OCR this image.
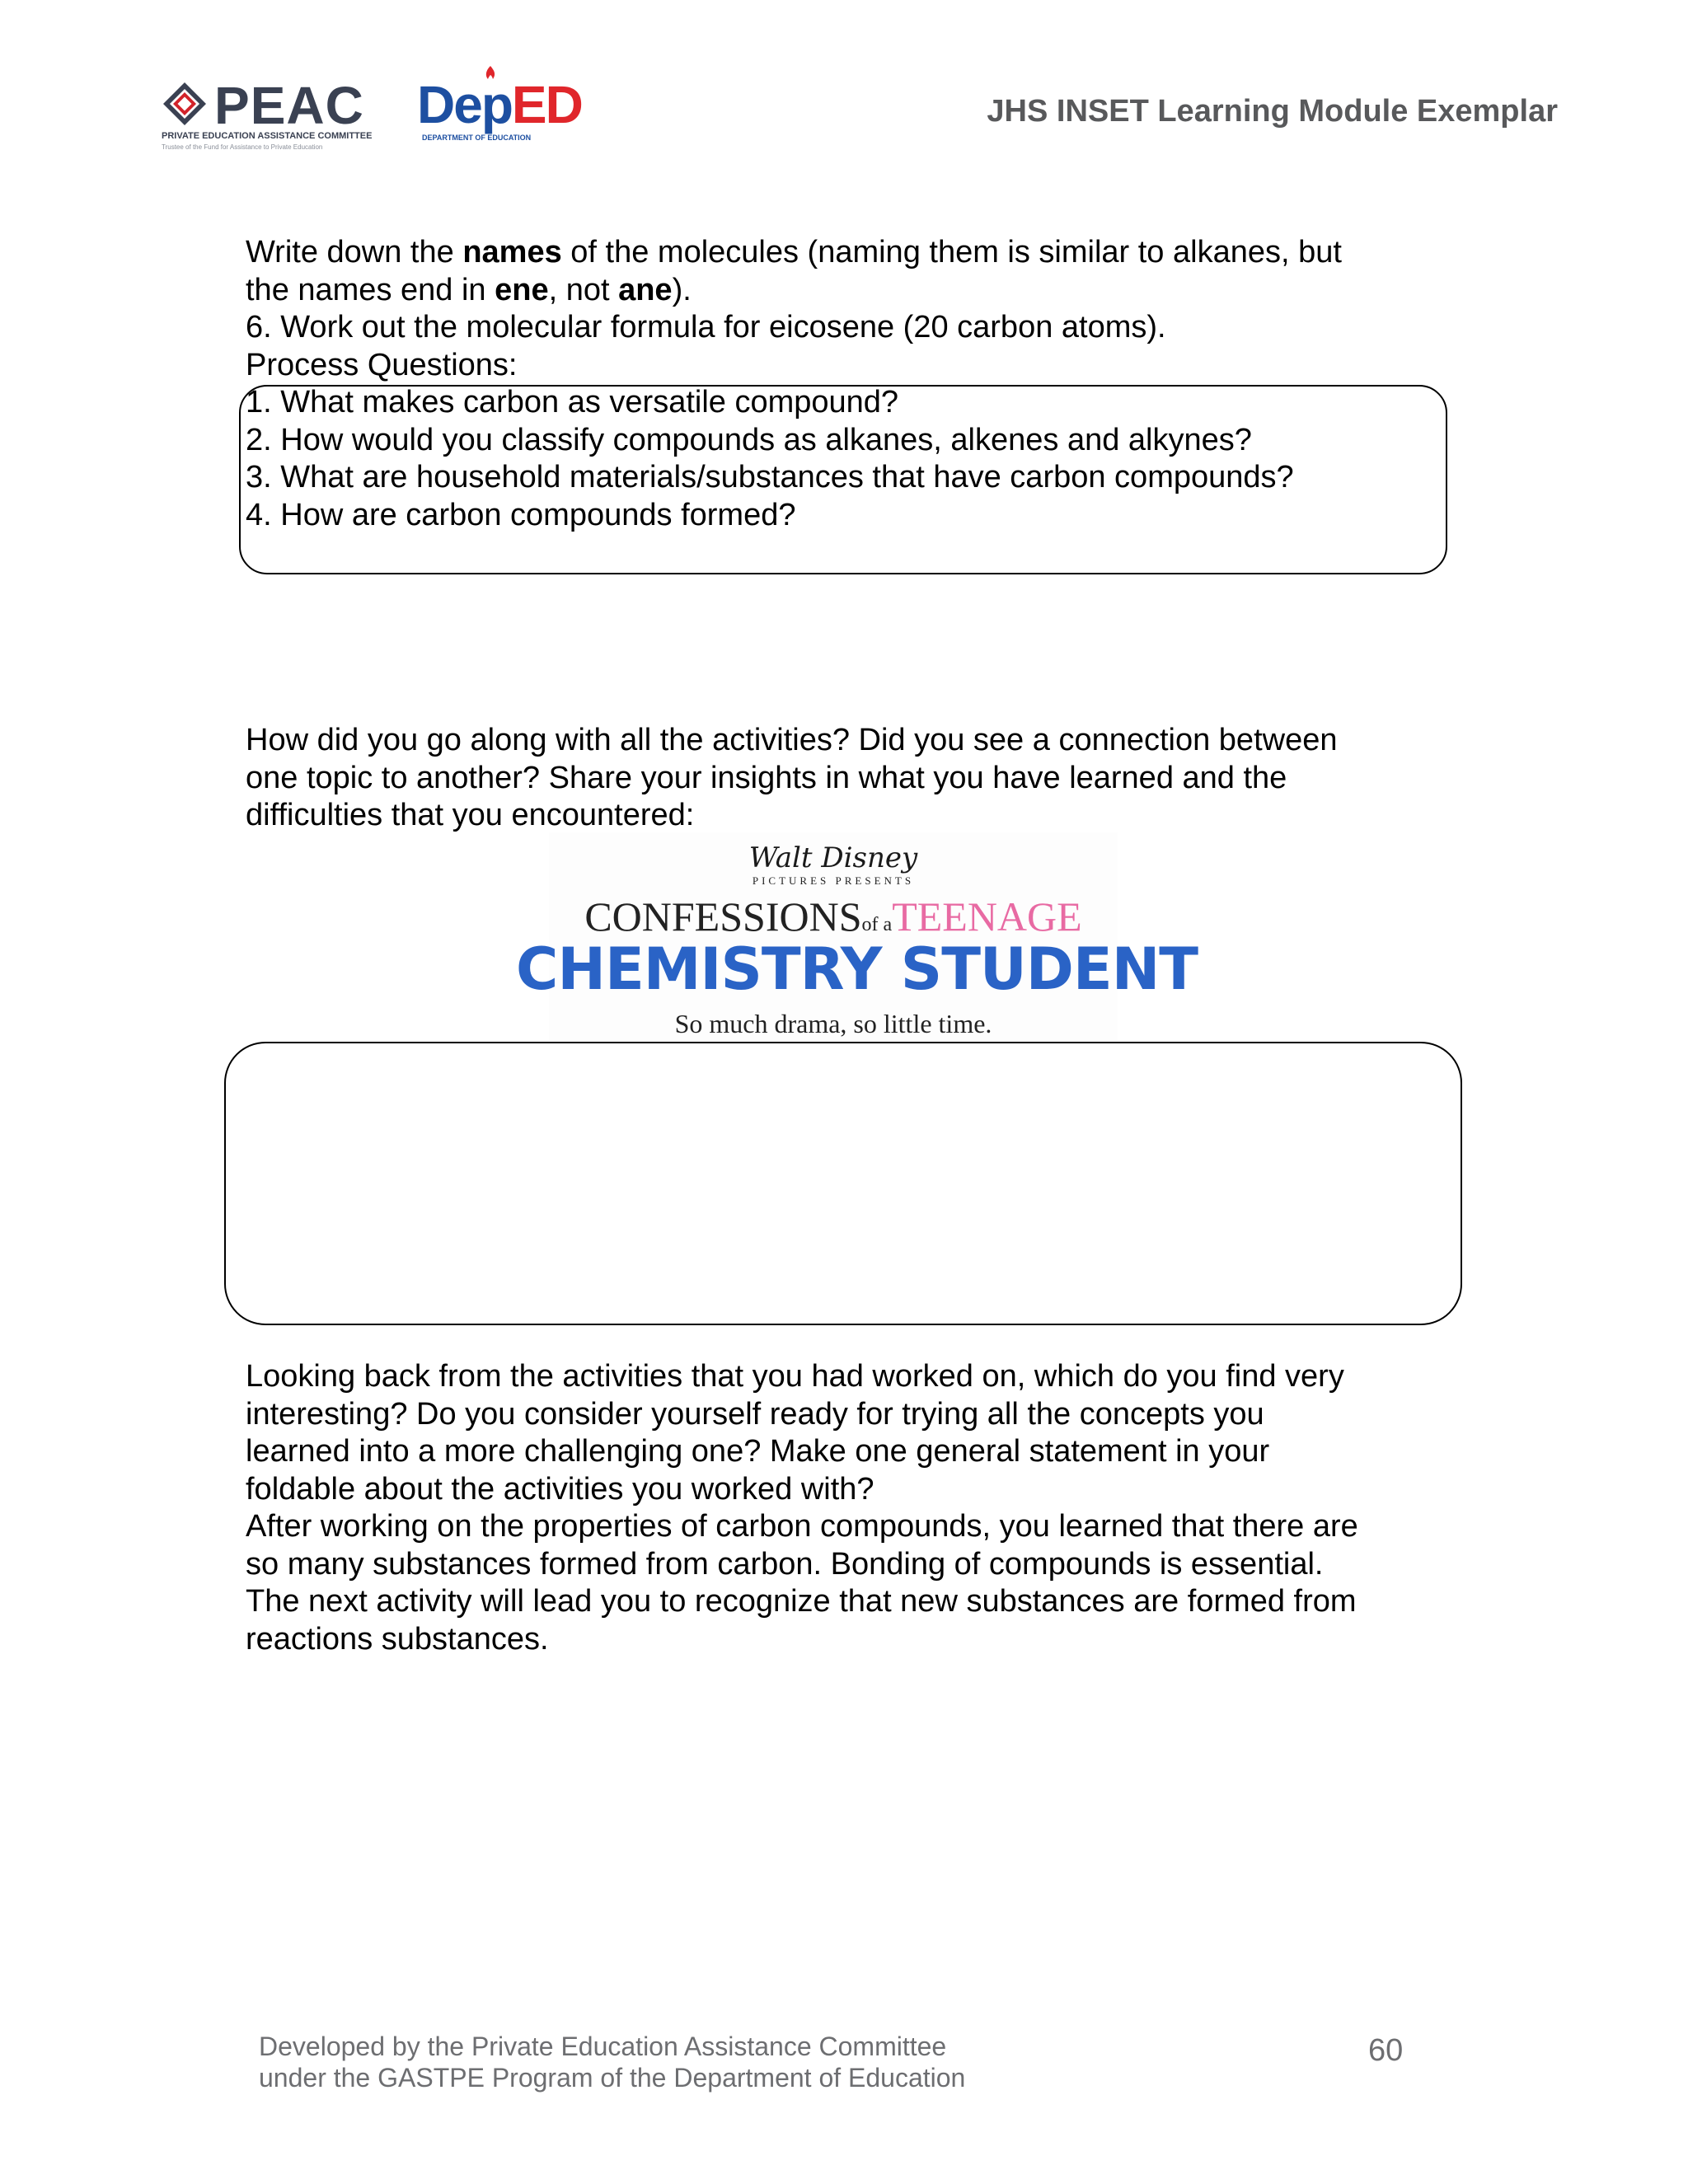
PEAC
PRIVATE EDUCATION ASSISTANCE COMMITTEE
Trustee of the Fund for Assistance to Private Education
DepED
DEPARTMENT OF EDUCATION
JHS INSET Learning Module Exemplar
Write down the names of the molecules (naming them is similar to alkanes, but
the names end in ene, not ane).
6. Work out the molecular formula for eicosene (20 carbon atoms).
Process Questions:
1. What makes carbon as versatile compound?
2. How would you classify compounds as alkanes, alkenes and alkynes?
3. What are household materials/substances that have carbon compounds?
4. How are carbon compounds formed?
How did you go along with all the activities? Did you see a connection between
one topic to another? Share your insights in what you have learned and the
difficulties that you encountered:
Walt Disney
PICTURES PRESENTS
CONFESSIONSof aTEENAGE
CHEMISTRY STUDENT
So much drama, so little time.
Looking back from the activities that you had worked on, which do you find very
interesting? Do you consider yourself ready for trying all the concepts you
learned into a more challenging one? Make one general statement in your
foldable about the activities you worked with?
After working on the properties of carbon compounds, you learned that there are
so many substances formed from carbon. Bonding of compounds is essential.
The next activity will lead you to recognize that new substances are formed from
reactions substances.
Developed by the Private Education Assistance Committee
under the GASTPE Program of the Department of Education
60
